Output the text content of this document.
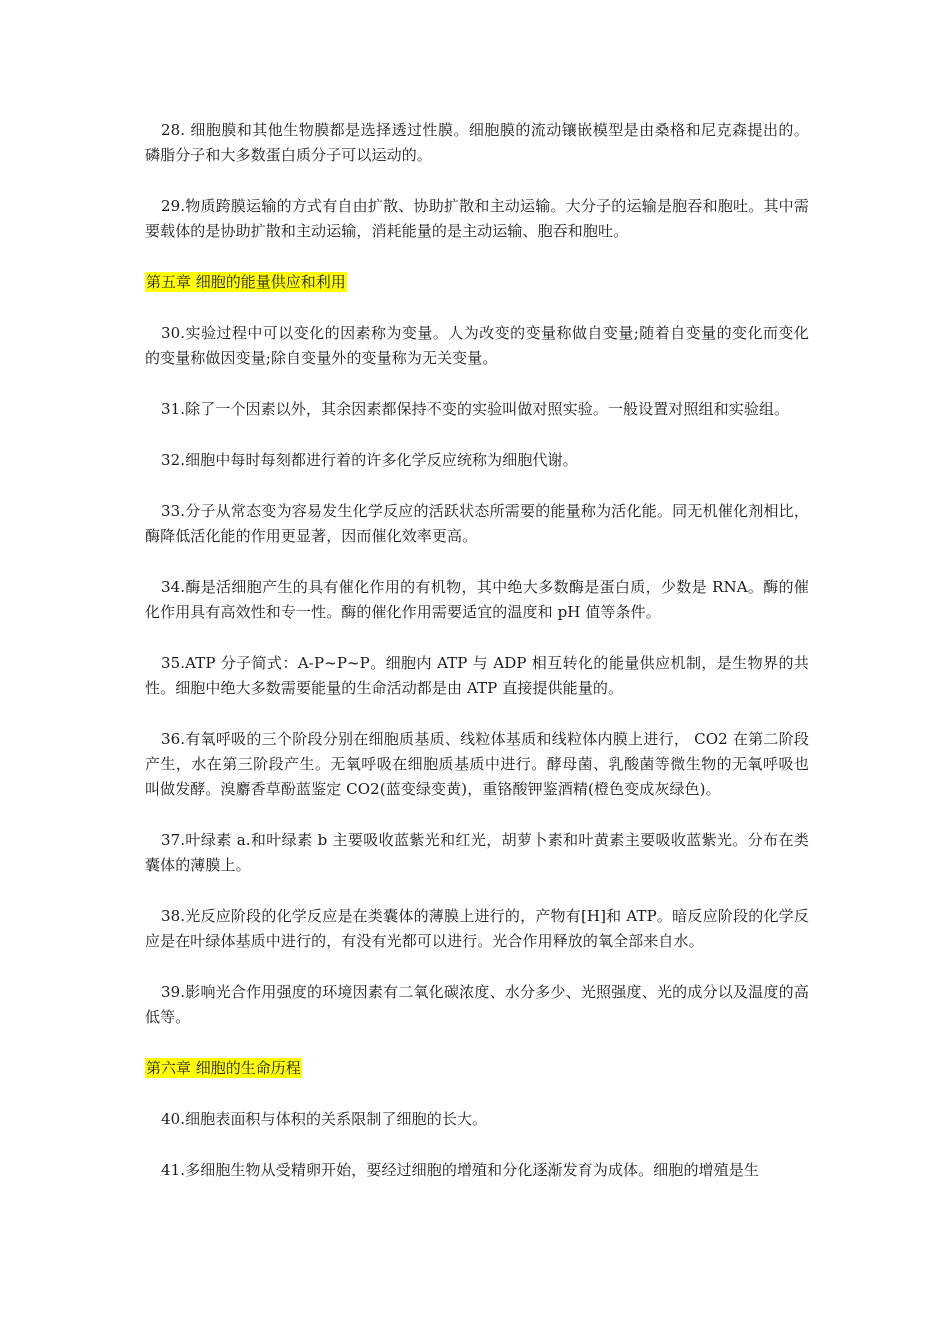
28. 细胞膜和其他生物膜都是选择透过性膜。细胞膜的流动镶嵌模型是由桑格和尼克森提出的。磷脂分子和大多数蛋白质分子可以运动的。

29.物质跨膜运输的方式有自由扩散、协助扩散和主动运输。大分子的运输是胞吞和胞吐。其中需要载体的是协助扩散和主动运输，消耗能量的是主动运输、胞吞和胞吐。

第五章 细胞的能量供应和利用

30.实验过程中可以变化的因素称为变量。人为改变的变量称做自变量;随着自变量的变化而变化的变量称做因变量;除自变量外的变量称为无关变量。

31.除了一个因素以外，其余因素都保持不变的实验叫做对照实验。一般设置对照组和实验组。

32.细胞中每时每刻都进行着的许多化学反应统称为细胞代谢。

33.分子从常态变为容易发生化学反应的活跃状态所需要的能量称为活化能。同无机催化剂相比，酶降低活化能的作用更显著，因而催化效率更高。

34.酶是活细胞产生的具有催化作用的有机物，其中绝大多数酶是蛋白质，少数是 RNA。酶的催化作用具有高效性和专一性。酶的催化作用需要适宜的温度和 pH 值等条件。

35.ATP 分子简式：A-P~P~P。细胞内 ATP 与 ADP 相互转化的能量供应机制，是生物界的共性。细胞中绝大多数需要能量的生命活动都是由 ATP 直接提供能量的。

36.有氧呼吸的三个阶段分别在细胞质基质、线粒体基质和线粒体内膜上进行， CO2 在第二阶段产生，水在第三阶段产生。无氧呼吸在细胞质基质中进行。酵母菌、乳酸菌等微生物的无氧呼吸也叫做发酵。溴麝香草酚蓝鉴定 CO2(蓝变绿变黄)，重铬酸钾鉴酒精(橙色变成灰绿色)。

37.叶绿素 a.和叶绿素 b 主要吸收蓝紫光和红光，胡萝卜素和叶黄素主要吸收蓝紫光。分布在类囊体的薄膜上。

38.光反应阶段的化学反应是在类囊体的薄膜上进行的，产物有[H]和 ATP。暗反应阶段的化学反应是在叶绿体基质中进行的，有没有光都可以进行。光合作用释放的氧全部来自水。

39.影响光合作用强度的环境因素有二氧化碳浓度、水分多少、光照强度、光的成分以及温度的高低等。

第六章 细胞的生命历程

40.细胞表面积与体积的关系限制了细胞的长大。

41.多细胞生物从受精卵开始，要经过细胞的增殖和分化逐渐发育为成体。细胞的增殖是生
